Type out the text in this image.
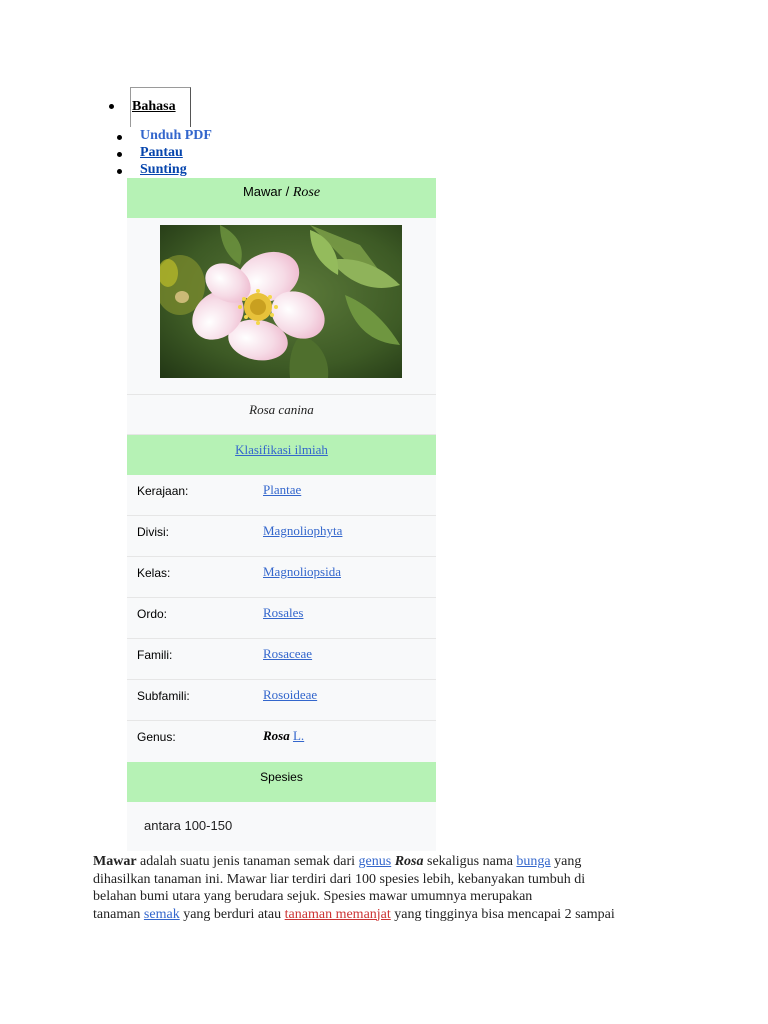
Bahasa
Unduh PDF
Pantau
Sunting
Mawar / Rose
Rosa canina
Klasifikasi ilmiah
Kerajaan:	Plantae
Divisi:	Magnoliophyta
Kelas:	Magnoliopsida
Ordo:	Rosales
Famili:	Rosaceae
Subfamili:	Rosoideae
Genus:	Rosa L.
Spesies
antara 100-150
Mawar adalah suatu jenis tanaman semak dari genus Rosa sekaligus nama bunga yang
dihasilkan tanaman ini. Mawar liar terdiri dari 100 spesies lebih, kebanyakan tumbuh di
belahan bumi utara yang berudara sejuk. Spesies mawar umumnya merupakan
tanaman semak yang berduri atau tanaman memanjat yang tingginya bisa mencapai 2 sampai
